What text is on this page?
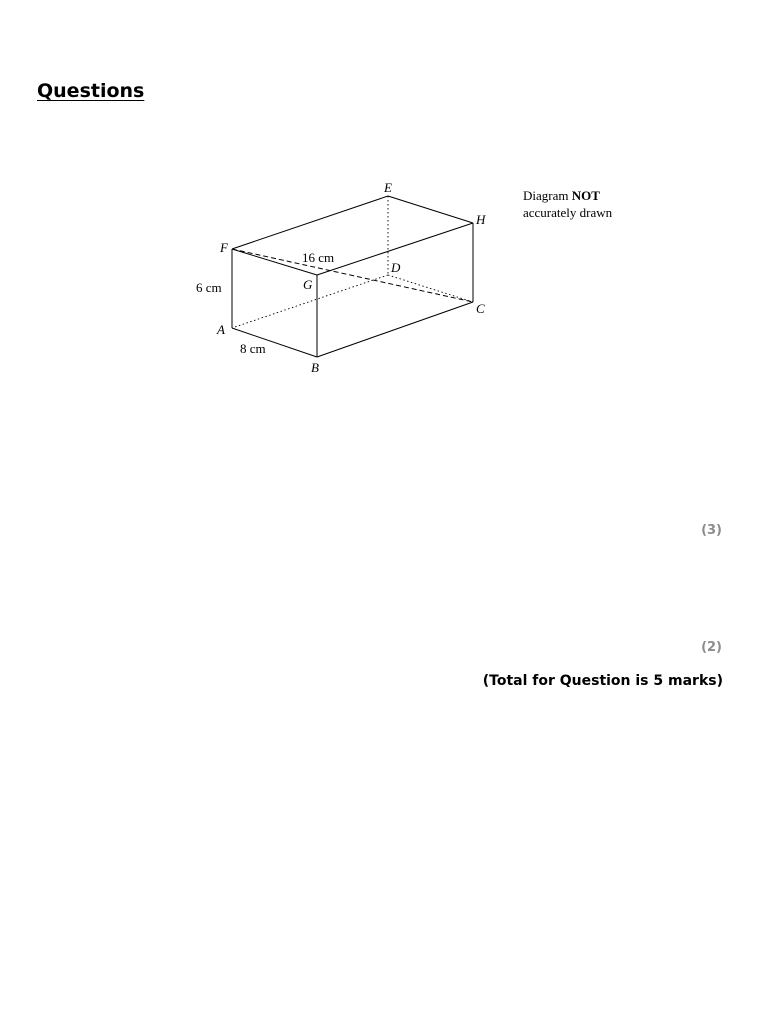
Questions
E
F
H
D
G
C
A
B
16 cm
6 cm
8 cm
Diagram NOT
accurately drawn
(3)
(2)
(Total for Question is 5 marks)
